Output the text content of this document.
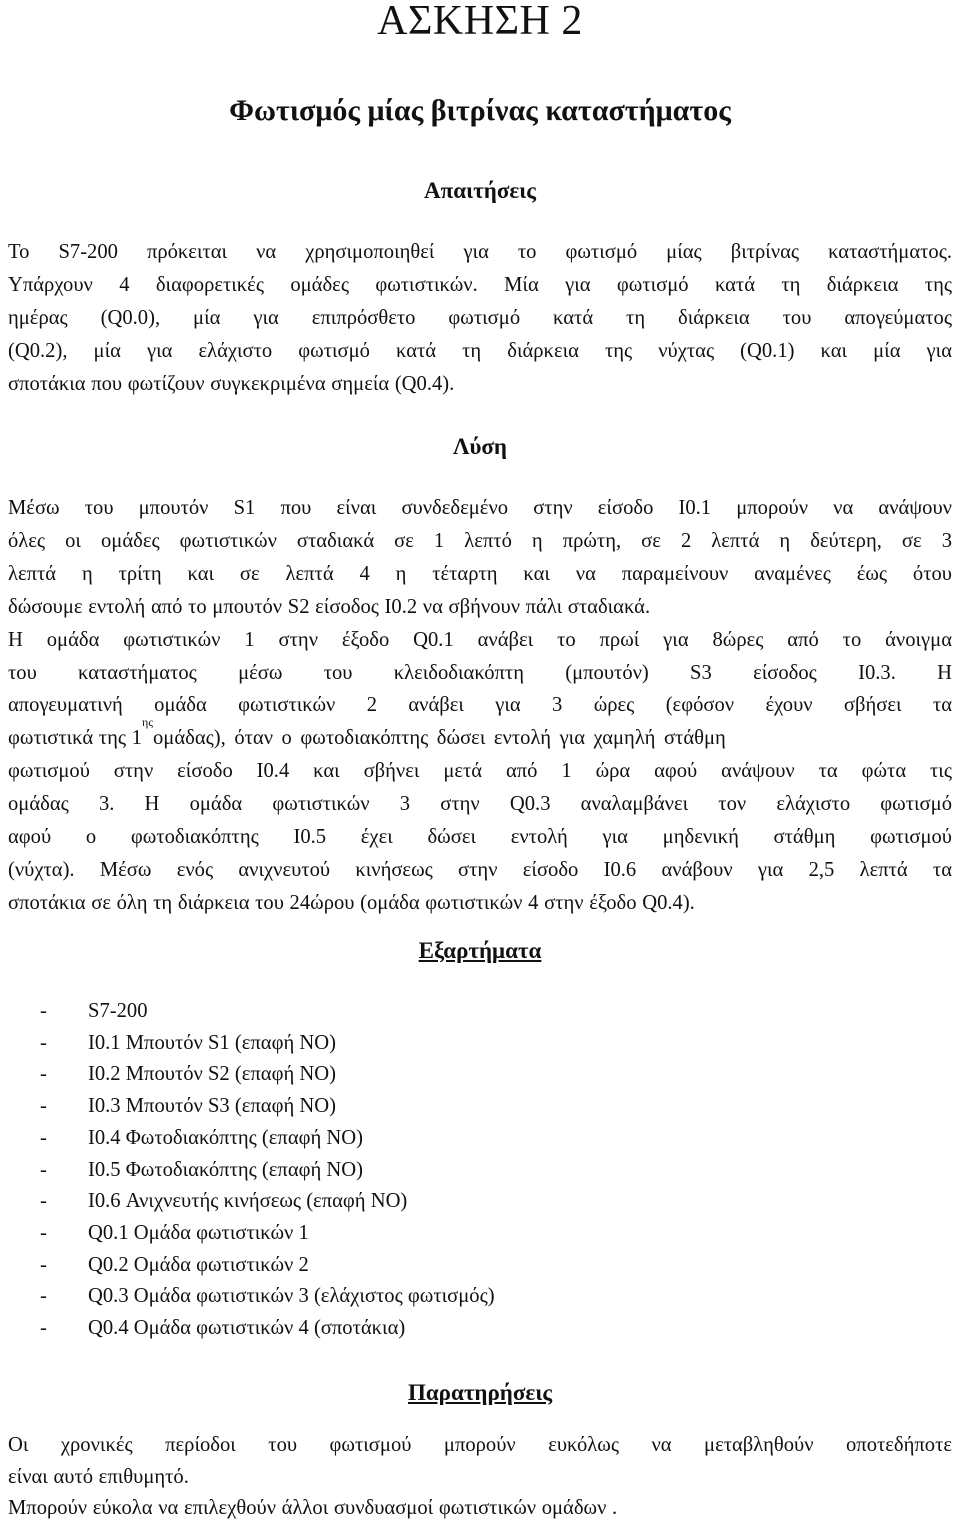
ΑΣΚΗΣΗ 2
Φωτισμός μίας βιτρίνας καταστήματος
Απαιτήσεις
To S7-200 πρόκειται να χρησιμοποιηθεί για το φωτισμό μίας βιτρίνας καταστήματος.
Υπάρχουν 4 διαφορετικές ομάδες φωτιστικών. Μία για φωτισμό κατά τη διάρκεια της
ημέρας (Q0.0), μία για επιπρόσθετο φωτισμό κατά τη διάρκεια του απογεύματος
(Q0.2), μία για ελάχιστο φωτισμό κατά τη διάρκεια της νύχτας (Q0.1) και μία για
σποτάκια που φωτίζουν συγκεκριμένα σημεία (Q0.4).
Λύση
Μέσω του μπουτόν S1 που είναι συνδεδεμένο στην είσοδο I0.1 μπορούν να ανάψουν
όλες οι ομάδες φωτιστικών σταδιακά σε 1 λεπτό η πρώτη, σε 2 λεπτά η δεύτερη, σε 3
λεπτά η τρίτη και σε λεπτά 4 η τέταρτη και να παραμείνουν αναμένες έως ότου
δώσουμε εντολή από το μπουτόν S2 είσοδος I0.2 να σβήνουν πάλι σταδιακά.
Η ομάδα φωτιστικών 1 στην έξοδο Q0.1 ανάβει το πρωί για 8ώρες από το άνοιγμα
του καταστήματος μέσω του κλειδοδιακόπτη (μπουτόν) S3 είσοδος I0.3. Η
απογευματινή ομάδα φωτιστικών 2 ανάβει για 3 ώρες (εφόσον έχουν σβήσει τα
φωτιστικά της 1
ης
ομάδας), όταν ο φωτοδιακόπτης δώσει εντολή για χαμηλή στάθμη
φωτισμού στην είσοδο I0.4 και σβήνει μετά από 1 ώρα αφού ανάψουν τα φώτα τις
ομάδας 3. Η ομάδα φωτιστικών 3 στην Q0.3 αναλαμβάνει τον ελάχιστο φωτισμό
αφού ο φωτοδιακόπτης I0.5 έχει δώσει εντολή για μηδενική στάθμη φωτισμού
(νύχτα). Μέσω ενός ανιχνευτού κινήσεως στην είσοδο I0.6 ανάβουν για 2,5 λεπτά τα
σποτάκια σε όλη τη διάρκεια του 24ώρου (ομάδα φωτιστικών 4 στην έξοδο Q0.4).
Εξαρτήματα
-	S7-200
-	I0.1 Μπουτόν S1 (επαφή NO)
-	I0.2 Μπουτόν S2 (επαφή NO)
-	I0.3 Μπουτόν S3 (επαφή NO)
-	I0.4 Φωτοδιακόπτης (επαφή NO)
-	I0.5 Φωτοδιακόπτης (επαφή NO)
-	I0.6 Ανιχνευτής κινήσεως (επαφή NO)
-	Q0.1 Ομάδα φωτιστικών 1
-	Q0.2 Ομάδα φωτιστικών 2
-	Q0.3 Ομάδα φωτιστικών 3 (ελάχιστος φωτισμός)
-	Q0.4 Ομάδα φωτιστικών 4 (σποτάκια)
Παρατηρήσεις
Οι χρονικές περίοδοι του φωτισμού μπορούν ευκόλως να μεταβληθούν οποτεδήποτε
είναι αυτό επιθυμητό.
Μπορούν εύκολα να επιλεχθούν άλλοι συνδυασμοί φωτιστικών ομάδων .
